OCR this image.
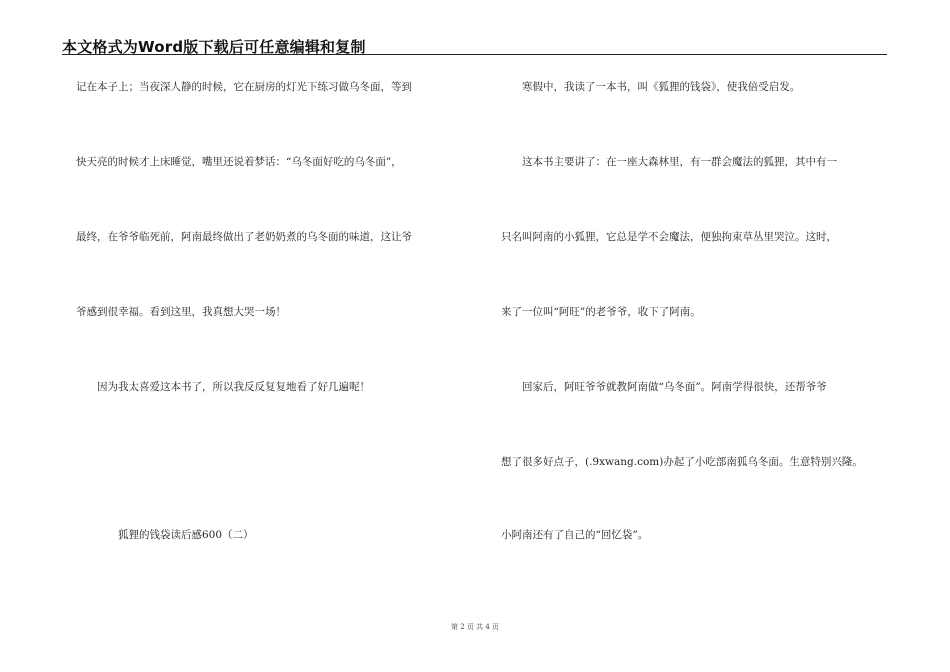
本文格式为Word版下载后可任意编辑和复制
记在本子上；当夜深人静的时候，它在厨房的灯光下练习做乌冬面，等到
快天亮的时候才上床睡觉，嘴里还说着梦话：“乌冬面好吃的乌冬面”，
最终，在爷爷临死前，阿南最终做出了老奶奶煮的乌冬面的味道，这让爷
爷感到很幸福。看到这里，我真想大哭一场！
　　因为我太喜爱这本书了，所以我反反复复地看了好几遍呢！
　　　　狐狸的钱袋读后感600（二）
　　寒假中，我读了一本书，叫《狐狸的钱袋》，使我倍受启发。
　　这本书主要讲了：在一座大森林里，有一群会魔法的狐狸，其中有一
只名叫阿南的小狐狸，它总是学不会魔法，便独拘束草丛里哭泣。这时，
来了一位叫“阿旺”的老爷爷，收下了阿南。
　　回家后，阿旺爷爷就教阿南做“乌冬面”。阿南学得很快，还帮爷爷
想了很多好点子，(.9xwang.com)办起了小吃部南狐乌冬面。生意特别兴隆。
小阿南还有了自己的“回忆袋”。
第 2 页 共 4 页
